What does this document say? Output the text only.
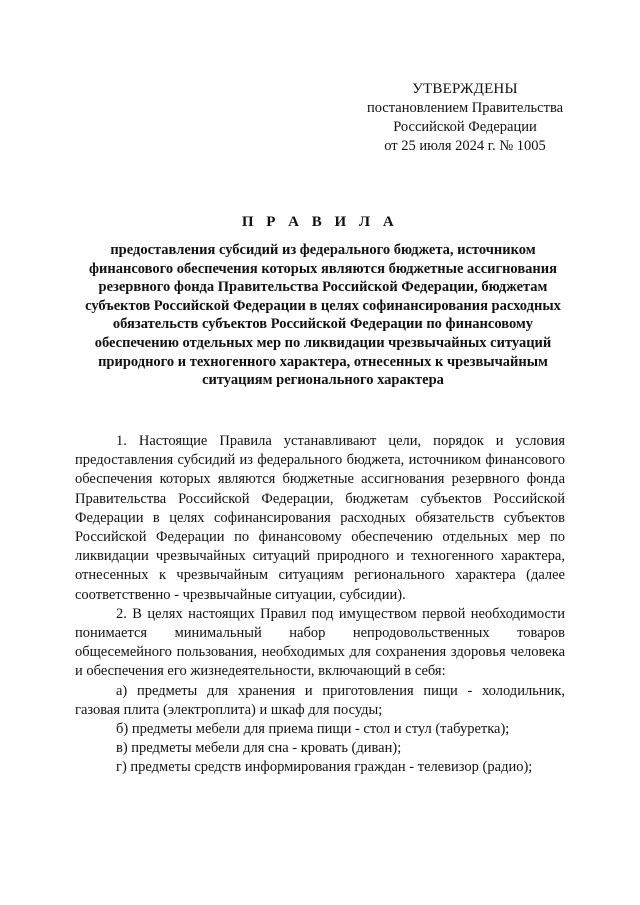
УТВЕРЖДЕНЫ
постановлением Правительства
Российской Федерации
от 25 июля 2024 г. № 1005
П Р А В И Л А
предоставления субсидий из федерального бюджета, источником финансового обеспечения которых являются бюджетные ассигнования резервного фонда Правительства Российской Федерации, бюджетам субъектов Российской Федерации в целях софинансирования расходных обязательств субъектов Российской Федерации по финансовому обеспечению отдельных мер по ликвидации чрезвычайных ситуаций природного и техногенного характера, отнесенных к чрезвычайным ситуациям регионального характера

1. Настоящие Правила устанавливают цели, порядок и условия предоставления субсидий из федерального бюджета, источником финансового обеспечения которых являются бюджетные ассигнования резервного фонда Правительства Российской Федерации, бюджетам субъектов Российской Федерации в целях софинансирования расходных обязательств субъектов Российской Федерации по финансовому обеспечению отдельных мер по ликвидации чрезвычайных ситуаций природного и техногенного характера, отнесенных к чрезвычайным ситуациям регионального характера (далее соответственно - чрезвычайные ситуации, субсидии).

2. В целях настоящих Правил под имуществом первой необходимости понимается минимальный набор непродовольственных товаров общесемейного пользования, необходимых для сохранения здоровья человека и обеспечения его жизнедеятельности, включающий в себя:

а) предметы для хранения и приготовления пищи - холодильник, газовая плита (электроплита) и шкаф для посуды;

б) предметы мебели для приема пищи - стол и стул (табуретка);

в) предметы мебели для сна - кровать (диван);

г) предметы средств информирования граждан - телевизор (радио);
